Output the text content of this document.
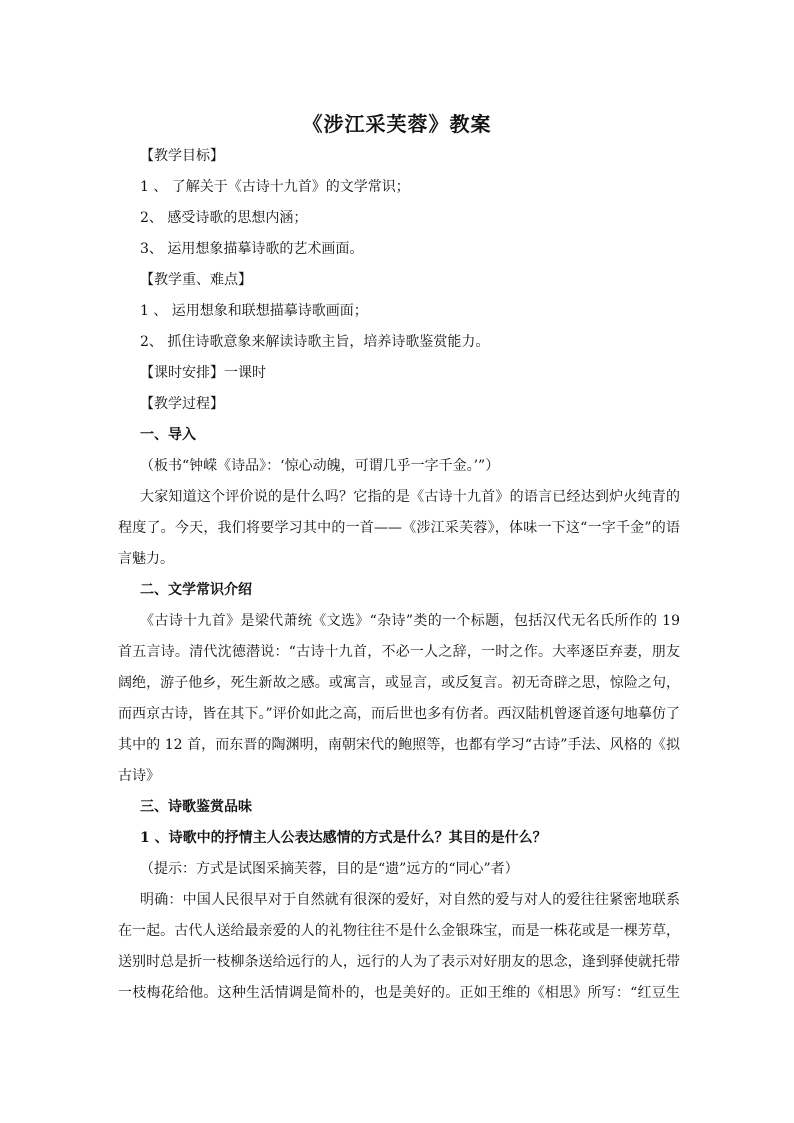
《涉江采芙蓉》教案
【教学目标】
1 、 了解关于《古诗十九首》的文学常识；
2、 感受诗歌的思想内涵；
3、 运用想象描摹诗歌的艺术画面。
【教学重、难点】
1 、 运用想象和联想描摹诗歌画面；
2、 抓住诗歌意象来解读诗歌主旨，培养诗歌鉴赏能力。
【课时安排】一课时
【教学过程】
一、导入
（板书“钟嵘《诗品》：‘惊心动魄，可谓几乎一字千金。’”）
大家知道这个评价说的是什么吗？它指的是《古诗十九首》的语言已经达到炉火纯青的
程度了。今天，我们将要学习其中的一首——《涉江采芙蓉》，体味一下这“一字千金”的语
言魅力。
二、文学常识介绍
《古诗十九首》是梁代萧统《文选》“杂诗”类的一个标题，包括汉代无名氏所作的 19
首五言诗。清代沈德潜说：“古诗十九首，不必一人之辞，一时之作。大率逐臣弃妻，朋友
阔绝，游子他乡，死生新故之感。或寓言，或显言，或反复言。初无奇辟之思，惊险之句，
而西京古诗，皆在其下。”评价如此之高，而后世也多有仿者。西汉陆机曾逐首逐句地摹仿了
其中的 12 首，而东晋的陶渊明，南朝宋代的鲍照等，也都有学习“古诗”手法、风格的《拟
古诗》
三、诗歌鉴赏品味
1 、诗歌中的抒情主人公表达感情的方式是什么？其目的是什么？
（提示：方式是试图采摘芙蓉，目的是“遗”远方的“同心”者）
明确：中国人民很早对于自然就有很深的爱好，对自然的爱与对人的爱往往紧密地联系
在一起。古代人送给最亲爱的人的礼物往往不是什么金银珠宝，而是一株花或是一棵芳草，
送别时总是折一枝柳条送给远行的人，远行的人为了表示对好朋友的思念，逢到驿使就托带
一枝梅花给他。这种生活情调是简朴的，也是美好的。正如王维的《相思》所写：“红豆生
